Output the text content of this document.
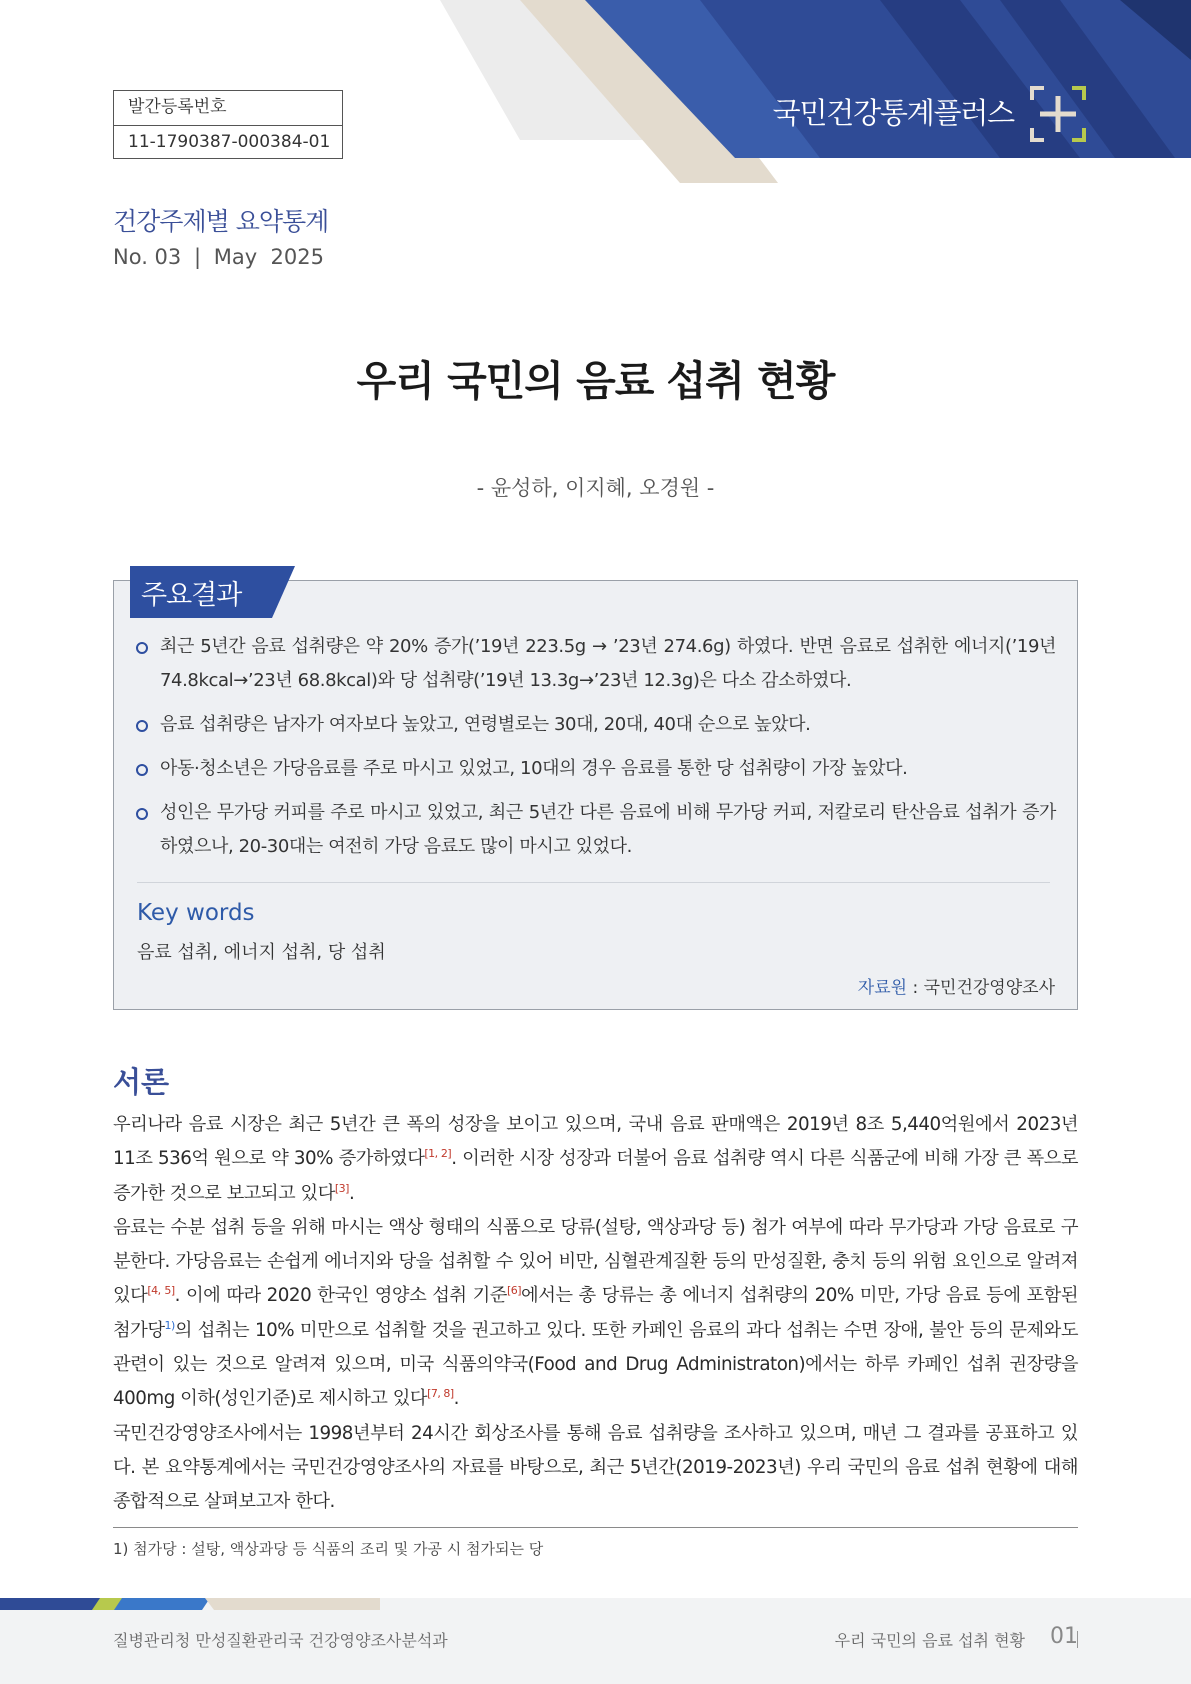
국민건강통계플러스
발간등록번호
11-1790387-000384-01
건강주제별 요약통계
No. 03 | May  2025
우리 국민의 음료 섭취 현황
- 윤성하, 이지혜, 오경원 -
주요결과
최근 5년간 음료 섭취량은 약 20% 증가(’19년 223.5g → ’23년 274.6g) 하였다. 반면 음료로 섭취한 에너지(’19년 74.8kcal→’23년 68.8kcal)와 당 섭취량(’19년 13.3g→’23년 12.3g)은 다소 감소하였다.
음료 섭취량은 남자가 여자보다 높았고, 연령별로는 30대, 20대, 40대 순으로 높았다.
아동·청소년은 가당음료를 주로 마시고 있었고, 10대의 경우 음료를 통한 당 섭취량이 가장 높았다.
성인은 무가당 커피를 주로 마시고 있었고, 최근 5년간 다른 음료에 비해 무가당 커피, 저칼로리 탄산음료 섭취가 증가하였으나, 20-30대는 여전히 가당 음료도 많이 마시고 있었다.
Key words
음료 섭취, 에너지 섭취, 당 섭취
자료원 : 국민건강영양조사
서론

우리나라 음료 시장은 최근 5년간 큰 폭의 성장을 보이고 있으며, 국내 음료 판매액은 2019년 8조 5,440억원에서 2023년 11조 536억 원으로 약 30% 증가하였다[1, 2]. 이러한 시장 성장과 더불어 음료 섭취량 역시 다른 식품군에 비해 가장 큰 폭으로 증가한 것으로 보고되고 있다[3].

음료는 수분 섭취 등을 위해 마시는 액상 형태의 식품으로 당류(설탕, 액상과당 등) 첨가 여부에 따라 무가당과 가당 음료로 구분한다. 가당음료는 손쉽게 에너지와 당을 섭취할 수 있어 비만, 심혈관계질환 등의 만성질환, 충치 등의 위험 요인으로 알려져 있다[4, 5]. 이에 따라 2020 한국인 영양소 섭취 기준[6]에서는 총 당류는 총 에너지 섭취량의 20% 미만, 가당 음료 등에 포함된 첨가당$^{1)}$의 섭취는 10% 미만으로 섭취할 것을 권고하고 있다. 또한 카페인 음료의 과다 섭취는 수면 장애, 불안 등의 문제와도 관련이 있는 것으로 알려져 있으며, 미국 식품의약국(Food and Drug Administraton)에서는 하루 카페인 섭취 권장량을 400mg 이하(성인기준)로 제시하고 있다[7, 8].

국민건강영양조사에서는 1998년부터 24시간 회상조사를 통해 음료 섭취량을 조사하고 있으며, 매년 그 결과를 공표하고 있다. 본 요약통계에서는 국민건강영양조사의 자료를 바탕으로, 최근 5년간(2019-2023년) 우리 국민의 음료 섭취 현황에 대해 종합적으로 살펴보고자 한다.

1) 첨가당 : 설탕, 액상과당 등 식품의 조리 및 가공 시 첨가되는 당
질병관리청 만성질환관리국 건강영양조사분석과	우리 국민의 음료 섭취 현황 01
